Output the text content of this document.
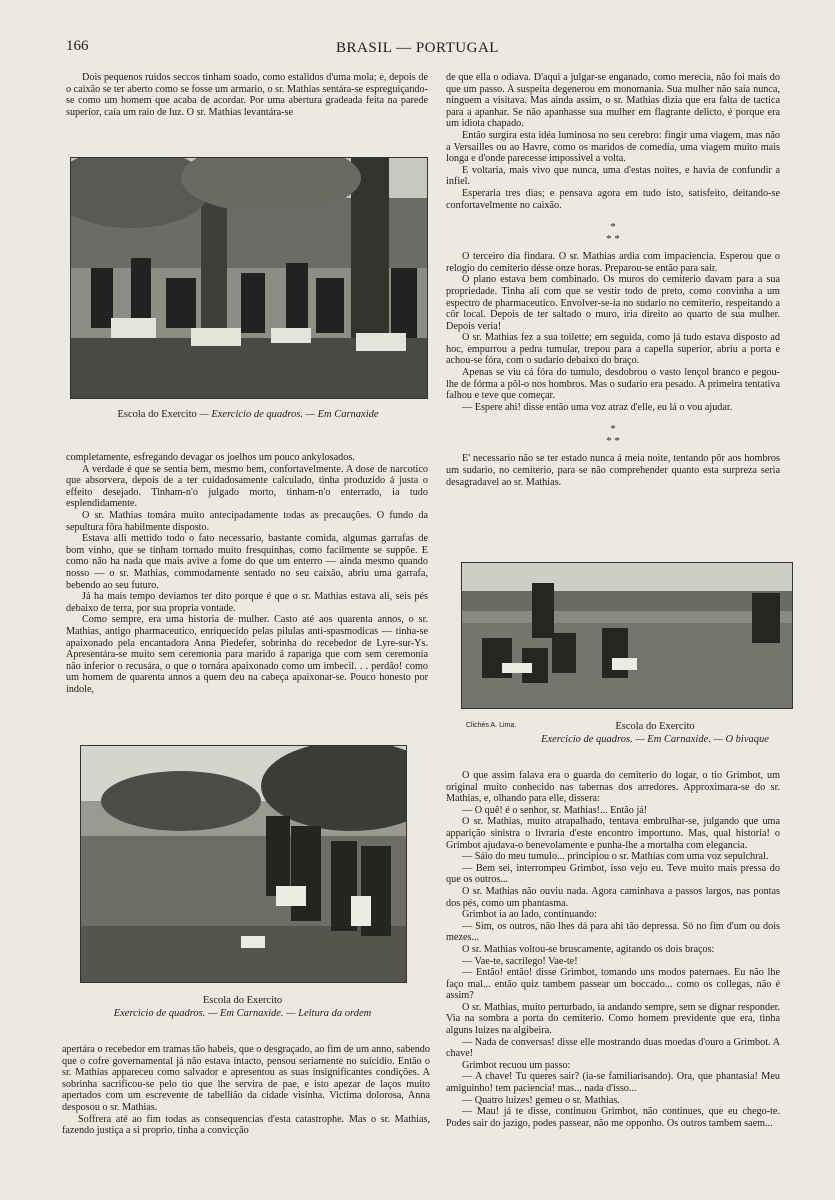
166	BRASIL — PORTUGAL

Dois pequenos ruidos seccos tinham soado, como estalidos d'uma mola; e, depois de o caixão se ter aberto como se fosse um armario, o sr. Mathias sentára-se espreguiçando-se como um homem que acaba de acordar. Por uma abertura gradeada feita na parede superior, caía um raio de luz. O sr. Mathias levantára-se

Escola do Exercito — Exercicio de quadros. — Em Carnaxide

completamente, esfregando devagar os joelhos um pouco ankylosados.

A verdade é que se sentia bem, mesmo bem, confortavelmente. A dose de narcotico que absorvera, depois de a ter cuidadosamente calculado, tinha produzido á justa o effeito desejado. Tinham-n'o julgado morto, tinham-n'o enterrado, ia tudo esplendidamente.

O sr. Mathias tomára muito antecipadamente todas as precauções. O fundo da sepultura fôra habilmente disposto.

Estava alli mettido todo o fato necessario, bastante comida, algumas garrafas de bom vinho, que se tinham tornado muito fresquinhas, como facilmente se suppõe. E como não ha nada que mais avive a fome do que um enterro — ainda mesmo quando nosso — o sr. Mathias, commodamente sentado no seu caixão, abriu uma garrafa, bebendo ao seu futuro.

Já ha mais tempo deviamos ter dito porque é que o sr. Mathias estava ali, seis pés debaixo de terra, por sua propria vontade.

Como sempre, era uma historia de mulher. Casto até aos quarenta annos, o sr. Mathias, antigo pharmaceutico, enriquecido pelas pilulas anti-spasmodicas — tinha-se apaixonado pela encantadora Anna Piedefer, sobrinha do recebedor de Lyre-sur-Ys. Apresentára-se muito sem ceremonia para marido á rapariga que com sem ceremonia não inferior o recusára, o que o tornára apaixonado como um imbecil. . . perdão! como um homem de quarenta annos a quem deu na cabeça apaixonar-se. Pouco honesto por indole,

Escola do Exercito
Exercicio de quadros. — Em Carnaxide. — Leitura da ordem

apertára o recebedor em tramas tão habeis, que o desgraçado, ao fim de um anno, sabendo que o cofre governamental já não estava intacto, pensou seriamente no suicidio. Então o sr. Mathias appareceu como salvador e apresentou as suas insignificantes condições. A sobrinha sacrificou-se pelo tio que lhe servira de pae, e isto apezar de laços muito apertados com um escrevente de tabellião da cidade visinha. Victima dolorosa, Anna desposou o sr. Mathias.

Soffrera até ao fim todas as consequencias d'esta catastrophe. Mas o sr. Mathias, fazendo justiça a si proprio, tinha a convicção

de que ella o odiava. D'aqui a julgar-se enganado, como merecia, não foi mais do que um passo. A suspeita degenerou em monomania. Sua mulher não saía nunca, ninguem a visitava. Mas ainda assim, o sr. Mathias dizia que era falta de tactica para a apanhar. Se não apanhasse sua mulher em flagrante delicto, é porque era um idiota chapado.

Então surgira esta idéa luminosa no seu cerebro: fingir uma viagem, mas não a Versailles ou ao Havre, como os maridos de comedia, uma viagem muito mais longa e d'onde parecesse impossivel a volta.

E voltaria, mais vivo que nunca, uma d'estas noites, e havia de confundir a infiel.

Esperaria tres dias; e pensava agora em tudo isto, satisfeito, deitando-se confortavelmente no caixão.

*
* *

O terceiro dia findara. O sr. Mathias ardia com impaciencia. Esperou que o relogio do cemiterio désse onze horas. Preparou-se então para sair.

O plano estava bem combinado. Os muros do cemiterio davam para a sua propriedade. Tinha ali com que se vestir todo de preto, como convinha a um espectro de pharmaceutico. Envolver-se-ia no sudario no cemiterio, respeitando a côr local. Depois de ter saltado o muro, iria direito ao quarto de sua mulher. Depois veria!

O sr. Mathias fez a sua toilette; em seguida, como já tudo estava disposto ad hoc, empurrou a pedra tumular, trepou para a capella superior, abriu a porta e achou-se fóra, com o sudario debaixo do braço.

Apenas se viu cá fóra do tumulo, desdobrou o vasto lençol branco e pegou-lhe de fórma a pôl-o nos hombros. Mas o sudario era pesado. A primeira tentativa falhou e teve que começar.

— Espere ahi! disse então uma voz atraz d'elle, eu lá o vou ajudar.

*
* *

E' necessario não se ter estado nunca á meia noite, tentando pôr aos hombros um sudario, no cemiterio, para se não comprehender quanto esta surpreza seria desagradavel ao sr. Mathias.

Clichés A. Lima.	Escola do Exercito
Exercicio de quadros. — Em Carnaxide. — O bivaque

O que assim falava era o guarda do cemiterio do logar, o tio Grimbot, um original muito conhecido nas tabernas dos arredores. Approximara-se do sr. Mathias, e, olhando para elle, dissera:

— O quê! é o senhor, sr. Mathias!... Então já!

O sr. Mathias, muito atrapalhado, tentava embrulhar-se, julgando que uma apparição sinistra o livraria d'este encontro importuno. Mas, qual historia! o Grimbot ajudava-o benevolamente e punha-lhe a mortalha com elegancia.

— Sáio do meu tumulo... principiou o sr. Mathias com uma voz sepulchral.

— Bem sei, interrompeu Grimbot, isso vejo eu. Teve muito mais pressa do que os outros...

O sr. Mathias não ouviu nada. Agora caminhava a passos largos, nas pontas dos pés, como um phantasma.

Grimbot ia ao lado, continuando:

— Sim, os outros, não lhes dá para ahi tão depressa. Só no fim d'um ou dois mezes...

O sr. Mathias voltou-se bruscamente, agitando os dois braços:

— Vae-te, sacrilego! Vae-te!

— Então! então! disse Grimbot, tomando uns modos paternaes. Eu não lhe faço mal... então quiz tambem passear um boccado... como os collegas, não é assim?

O sr. Mathias, muito perturbado, ia andando sempre, sem se dignar responder. Via na sombra a porta do cemiterio. Como homem previdente que era, tinha alguns luizes na algibeira.

— Nada de conversas! disse elle mostrando duas moedas d'ouro a Grimbot. A chave!

Grimbot recuou um passo:

— A chave! Tu queres sair? (ia-se familiarisando). Ora, que phantasia! Meu amiguinho! tem paciencia! mas... nada d'isso...

— Quatro luizes! gemeu o sr. Mathias.

— Mau! já te disse, continuou Grimbot, não continues, que eu chego-te. Podes sair do jazigo, podes passear, não me opponho. Os outros tambem saem...
